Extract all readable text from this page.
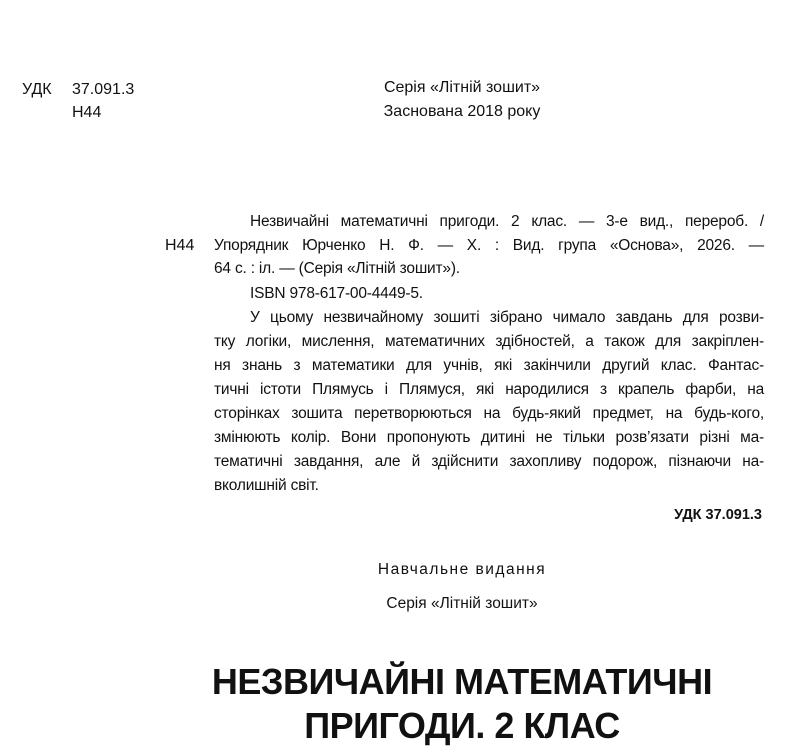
УДК 37.091.3
Н44
Серія «Літній зошит»
Заснована 2018 року
Н44
Незвичайні математичні пригоди. 2 клас. — 3-е вид., перероб. /
Упорядник Юрченко Н. Ф. — Х. : Вид. група «Основа», 2026. —
64 с. : іл. — (Серія «Літній зошит»).
ISBN 978-617-00-4449-5.
У цьому незвичайному зошиті зібрано чимало завдань для розви-
тку логіки, мислення, математичних здібностей, а також для закріплен-
ня знань з математики для учнів, які закінчили другий клас. Фантас-
тичні істоти Плямусь і Плямуся, які народилися з крапель фарби, на
сторінках зошита перетворюються на будь-який предмет, на будь-кого,
змінюють колір. Вони пропонують дитині не тільки розв’язати різні ма-
тематичні завдання, але й здійснити захопливу подорож, пізнаючи на-
вколишній світ.
УДК 37.091.3
Навчальне видання
Серія «Літній зошит»
НЕЗВИЧАЙНІ МАТЕМАТИЧНІ
ПРИГОДИ. 2 КЛАС
